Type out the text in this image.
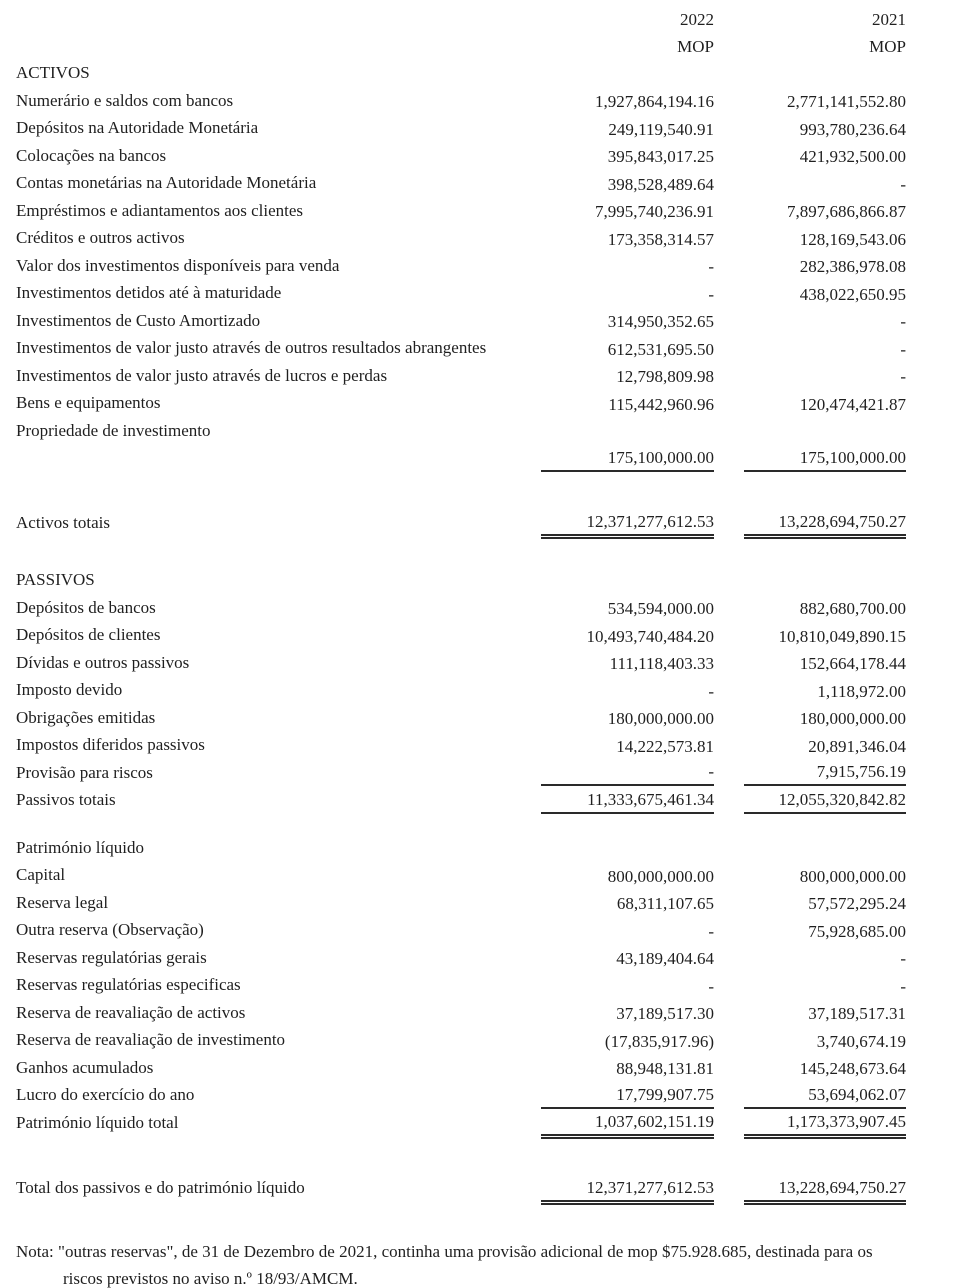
2022	2021
MOP	MOP
ACTIVOS
Numerário e saldos com bancos	1,927,864,194.16	2,771,141,552.80
Depósitos na Autoridade Monetária	249,119,540.91	993,780,236.64
Colocações na bancos	395,843,017.25	421,932,500.00
Contas monetárias na Autoridade Monetária	398,528,489.64	-
Empréstimos e adiantamentos aos clientes	7,995,740,236.91	7,897,686,866.87
Créditos e outros activos	173,358,314.57	128,169,543.06
Valor dos investimentos disponíveis para venda	-	282,386,978.08
Investimentos detidos até à maturidade	-	438,022,650.95
Investimentos de Custo Amortizado	314,950,352.65	-
Investimentos de valor justo através de outros resultados abrangentes	612,531,695.50	-
Investimentos de valor justo através de lucros e perdas	12,798,809.98	-
Bens e equipamentos	115,442,960.96	120,474,421.87
Propriedade de investimento
175,100,000.00	175,100,000.00
Activos totais	12,371,277,612.53	13,228,694,750.27
PASSIVOS
Depósitos de bancos	534,594,000.00	882,680,700.00
Depósitos de clientes	10,493,740,484.20	10,810,049,890.15
Dívidas e outros passivos	111,118,403.33	152,664,178.44
Imposto devido	-	1,118,972.00
Obrigações emitidas	180,000,000.00	180,000,000.00
Impostos diferidos passivos	14,222,573.81	20,891,346.04
Provisão para riscos	-	7,915,756.19
Passivos totais	11,333,675,461.34	12,055,320,842.82
Património líquido
Capital	800,000,000.00	800,000,000.00
Reserva legal	68,311,107.65	57,572,295.24
Outra reserva (Observação)	-	75,928,685.00
Reservas regulatórias gerais	43,189,404.64	-
Reservas regulatórias especificas	-	-
Reserva de reavaliação de activos	37,189,517.30	37,189,517.31
Reserva de reavaliação de investimento	(17,835,917.96)	3,740,674.19
Ganhos acumulados	88,948,131.81	145,248,673.64
Lucro do exercício do ano	17,799,907.75	53,694,062.07
Património líquido total	1,037,602,151.19	1,173,373,907.45
Total dos passivos e do património líquido	12,371,277,612.53	13,228,694,750.27
Nota: "outras reservas", de 31 de Dezembro de 2021, continha uma provisão adicional de mop $75.928.685, destinada para os
riscos previstos no aviso n.º 18/93/AMCM.
